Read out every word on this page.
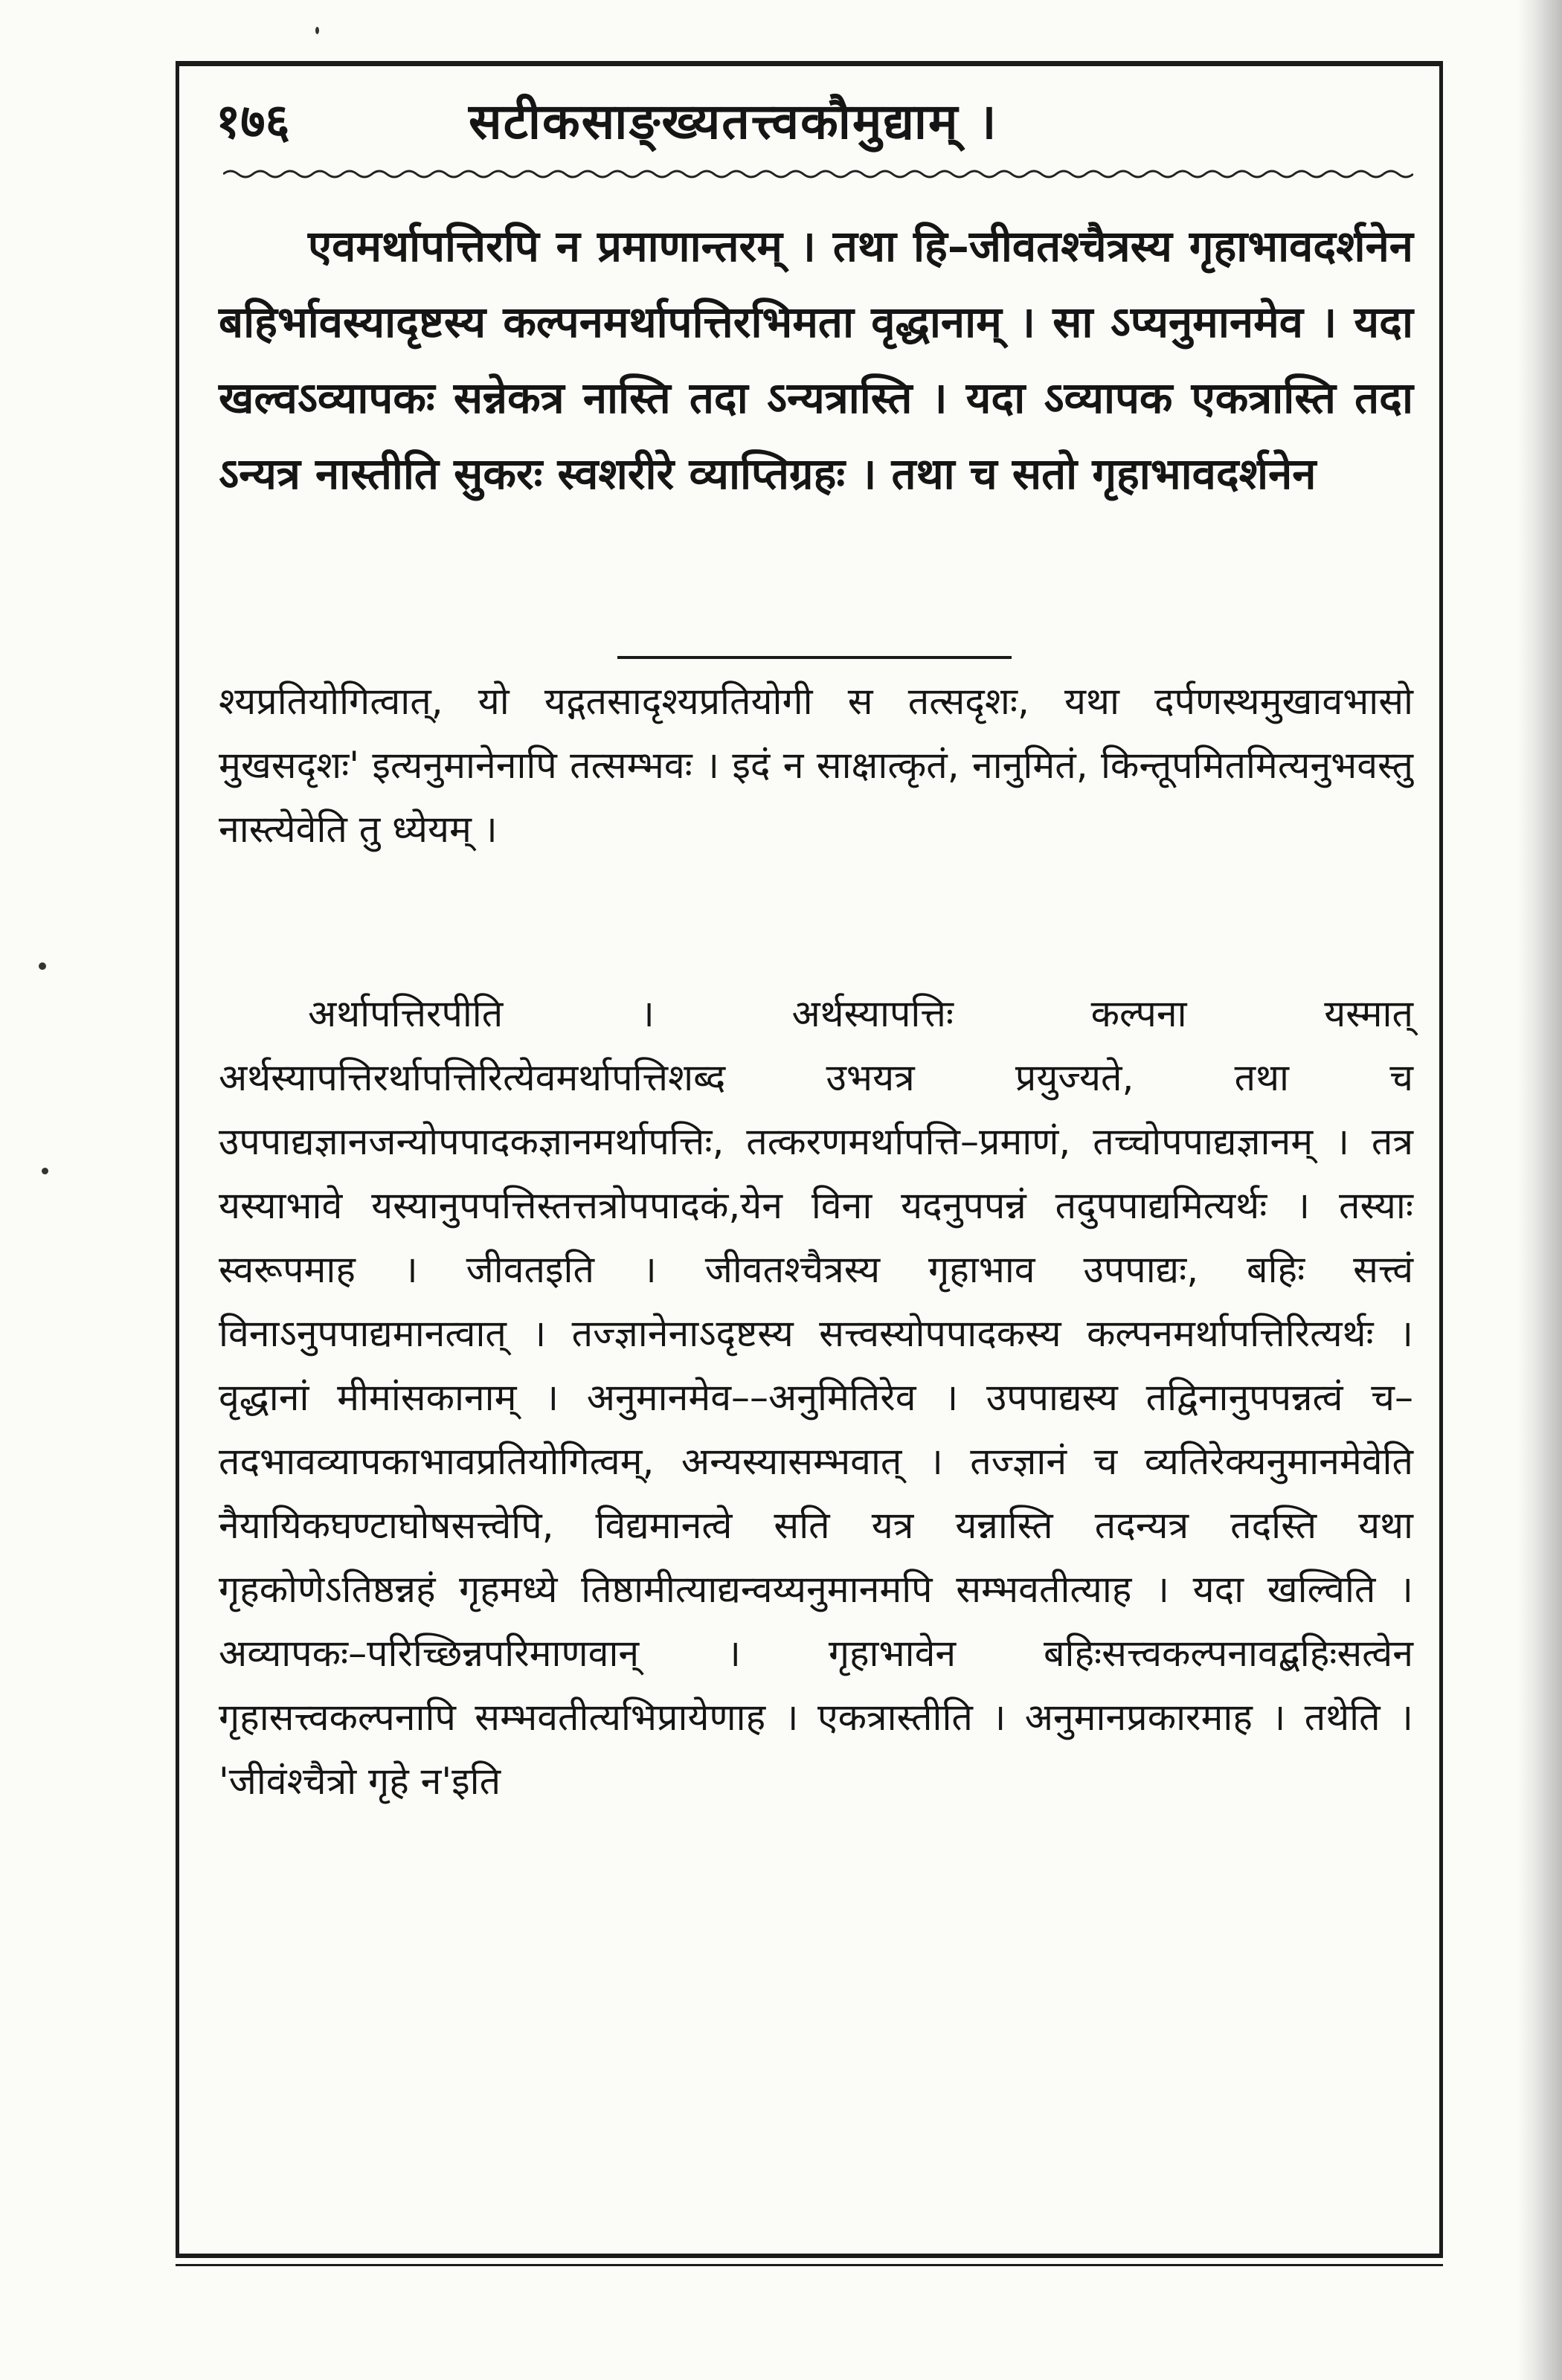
१७६	सटीकसाङ्ख्यतत्त्वकौमुद्याम् ।

एवमर्थापत्तिरपि न प्रमाणान्तरम् । तथा हि–जीवतश्चैत्रस्य गृहाभावदर्शनेन बहिर्भावस्यादृष्टस्य कल्पनमर्थापत्तिरभिमता वृद्धानाम् । सा ऽप्यनुमानमेव । यदा खल्वऽव्यापकः सन्नेकत्र नास्ति तदा ऽन्यत्रास्ति । यदा ऽव्यापक एकत्रास्ति तदा ऽन्यत्र नास्तीति सुकरः स्वशरीरे व्याप्तिग्रहः । तथा च सतो गृहाभावदर्शनेन

श्यप्रतियोगित्वात्, यो यद्गतसादृश्यप्रतियोगी स तत्सदृशः, यथा दर्पणस्थमुखावभासो मुखसदृशः' इत्यनुमानेनापि तत्सम्भवः । इदं न साक्षात्कृतं, नानुमितं, किन्तूपमितमित्यनुभवस्तु नास्त्येवेति तु ध्येयम् ।

अर्थापत्तिरपीति । अर्थस्यापत्तिः कल्पना यस्मात् अर्थस्यापत्तिरर्थापत्तिरित्येवमर्थापत्तिशब्द उभयत्र प्रयुज्यते, तथा च उपपाद्यज्ञानजन्योपपादकज्ञानमर्थापत्तिः, तत्करणमर्थापत्ति–प्रमाणं, तच्चोपपाद्यज्ञानम् । तत्र यस्याभावे यस्यानुपपत्तिस्तत्तत्रोपपादकं,येन विना यदनुपपन्नं तदुपपाद्यमित्यर्थः । तस्याः स्वरूपमाह । जीवतइति । जीवतश्चैत्रस्य गृहाभाव उपपाद्यः, बहिः सत्त्वं विनाऽनुपपाद्यमानत्वात् । तज्ज्ञानेनाऽदृष्टस्य सत्त्वस्योपपादकस्य कल्पनमर्थापत्तिरित्यर्थः । वृद्धानां मीमांसकानाम् । अनुमानमेव––अनुमितिरेव । उपपाद्यस्य तद्विनानुपपन्नत्वं च–तदभावव्यापकाभावप्रतियोगित्वम्, अन्यस्यासम्भवात् । तज्ज्ञानं च व्यतिरेक्यनुमानमेवेति नैयायिकघण्टाघोषसत्त्वेपि, विद्यमानत्वे सति यत्र यन्नास्ति तदन्यत्र तदस्ति यथा गृहकोणेऽतिष्ठन्नहं गृहमध्ये तिष्ठामीत्याद्यन्वय्यनुमानमपि सम्भवतीत्याह । यदा खल्विति । अव्यापकः–परिच्छिन्नपरिमाणवान् । गृहाभावेन बहिःसत्त्वकल्पनावद्बहिःसत्वेन गृहासत्त्वकल्पनापि सम्भवतीत्यभिप्रायेणाह । एकत्रास्तीति । अनुमानप्रकारमाह । तथेति । 'जीवंश्चैत्रो गृहे न'इति
